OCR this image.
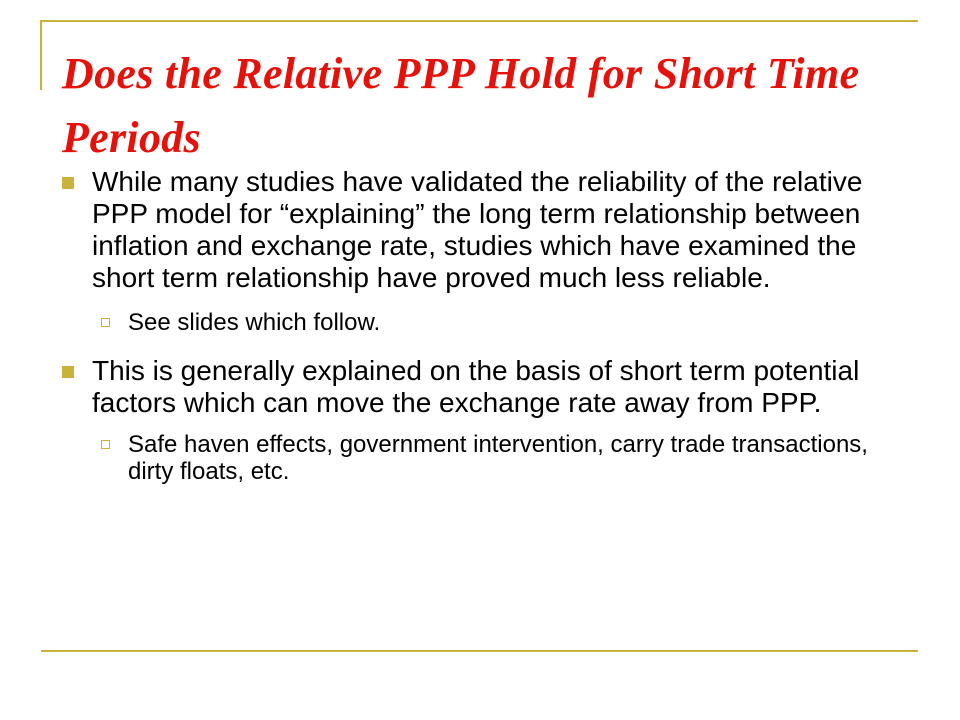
Does the Relative PPP Hold for Short Time Periods

While many studies have validated the reliability of the relative PPP model for “explaining” the long term relationship between inflation and exchange rate, studies which have examined the short term relationship have proved much less reliable.

See slides which follow.

This is generally explained on the basis of short term potential factors which can move the exchange rate away from PPP.

Safe haven effects, government intervention, carry trade transactions, dirty floats, etc.
